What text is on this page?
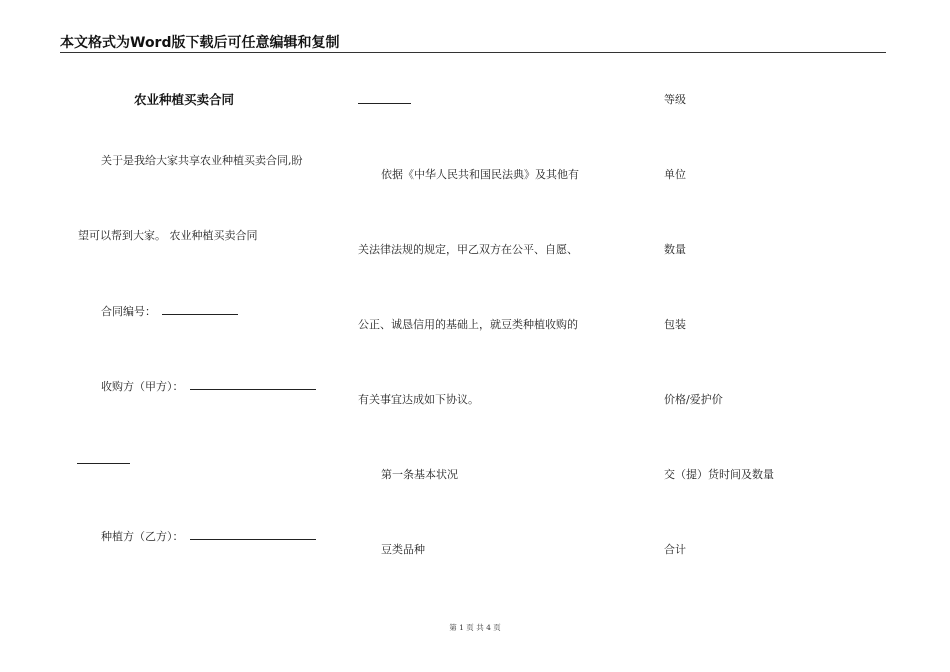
本文格式为Word版下载后可任意编辑和复制
农业种植买卖合同
关于是我给大家共享农业种植买卖合同,盼
望可以帮到大家。 农业种植买卖合同
合同编号：
收购方（甲方）：
种植方（乙方）：
依据《中华人民共和国民法典》及其他有
关法律法规的规定，甲乙双方在公平、自愿、
公正、诚恳信用的基础上，就豆类种植收购的
有关事宜达成如下协议。
第一条基本状况
豆类品种
等级
单位
数量
包装
价格/爱护价
交（提）货时间及数量
合计
第 1 页 共 4 页
